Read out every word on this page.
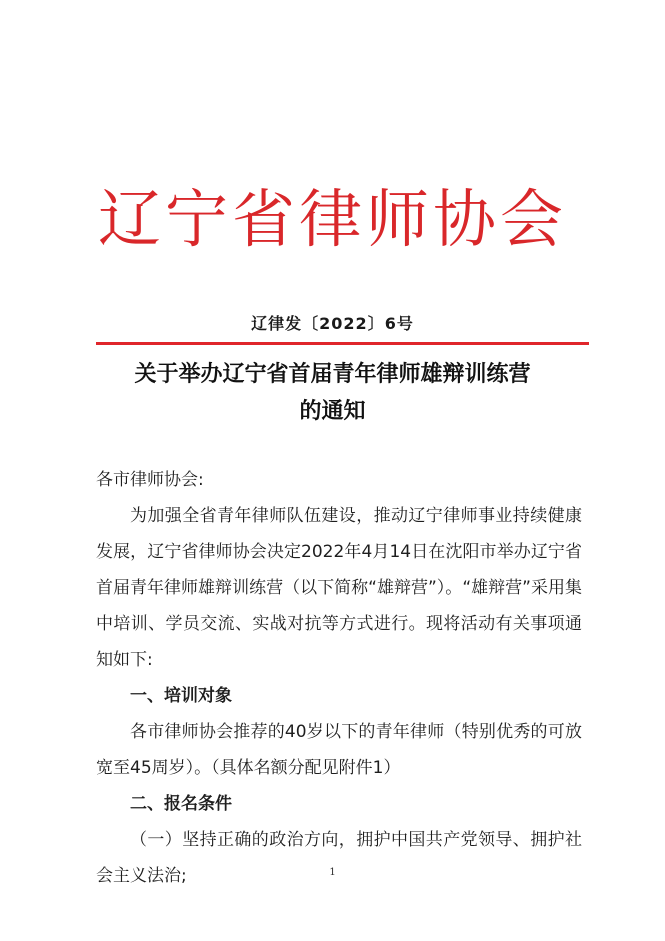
辽宁省律师协会
辽律发〔2022〕6号
关于举办辽宁省首届青年律师雄辩训练营
的通知

各市律师协会:

为加强全省青年律师队伍建设，推动辽宁律师事业持续健康发展，辽宁省律师协会决定2022年4月14日在沈阳市举办辽宁省首届青年律师雄辩训练营（以下简称“雄辩营”）。“雄辩营”采用集中培训、学员交流、实战对抗等方式进行。现将活动有关事项通知如下:

一、培训对象

各市律师协会推荐的40岁以下的青年律师（特别优秀的可放宽至45周岁）。（具体名额分配见附件1）

二、报名条件

（一）坚持正确的政治方向，拥护中国共产党领导、拥护社会主义法治;	1
